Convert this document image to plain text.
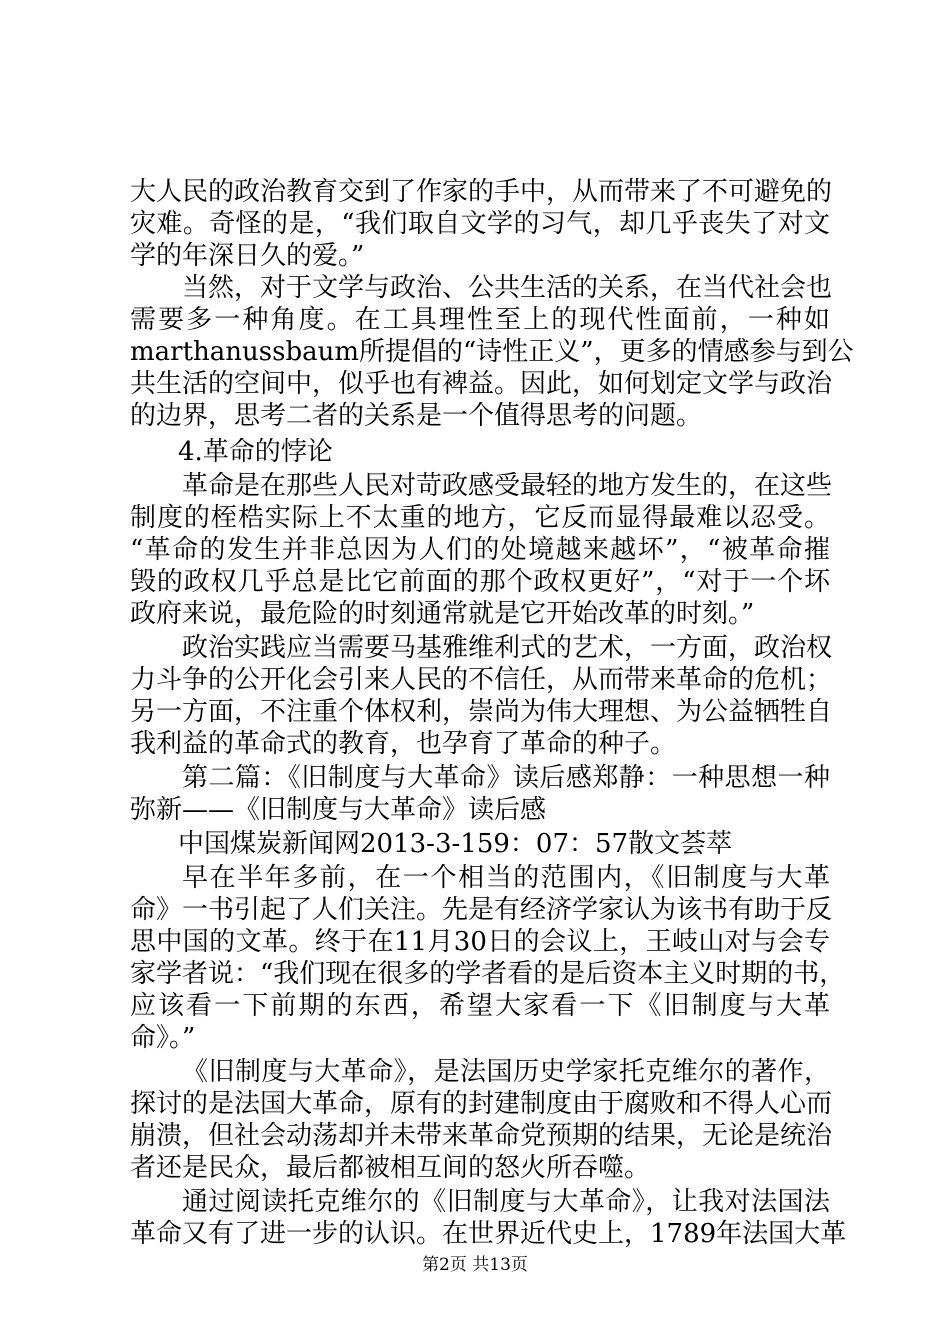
大人民的政治教育交到了作家的手中，从而带来了不可避免的
灾难。奇怪的是，“我们取自文学的习气，却几乎丧失了对文
学的年深日久的爱。”
当然，对于文学与政治、公共生活的关系，在当代社会也
需要多一种角度。在工具理性至上的现代性面前，一种如
marthanussbaum所提倡的“诗性正义”，更多的情感参与到公
共生活的空间中，似乎也有裨益。因此，如何划定文学与政治
的边界，思考二者的关系是一个值得思考的问题。
4.革命的悖论
革命是在那些人民对苛政感受最轻的地方发生的，在这些
制度的桎梏实际上不太重的地方，它反而显得最难以忍受。
“革命的发生并非总因为人们的处境越来越坏”，“被革命摧
毁的政权几乎总是比它前面的那个政权更好”，“对于一个坏
政府来说，最危险的时刻通常就是它开始改革的时刻。”
政治实践应当需要马基雅维利式的艺术，一方面，政治权
力斗争的公开化会引来人民的不信任，从而带来革命的危机；
另一方面，不注重个体权利，崇尚为伟大理想、为公益牺牲自
我利益的革命式的教育，也孕育了革命的种子。
第二篇：《旧制度与大革命》读后感郑静：一种思想一种
弥新——《旧制度与大革命》读后感
中国煤炭新闻网2013-3-159：07：57散文荟萃
早在半年多前，在一个相当的范围内，《旧制度与大革
命》一书引起了人们关注。先是有经济学家认为该书有助于反
思中国的文革。终于在11月30日的会议上，王岐山对与会专
家学者说：“我们现在很多的学者看的是后资本主义时期的书，
应该看一下前期的东西，希望大家看一下《旧制度与大革
命》。”
《旧制度与大革命》，是法国历史学家托克维尔的著作，
探讨的是法国大革命，原有的封建制度由于腐败和不得人心而
崩溃，但社会动荡却并未带来革命党预期的结果，无论是统治
者还是民众，最后都被相互间的怒火所吞噬。
通过阅读托克维尔的《旧制度与大革命》，让我对法国法
革命又有了进一步的认识。在世界近代史上，1789年法国大革
第2页 共13页
